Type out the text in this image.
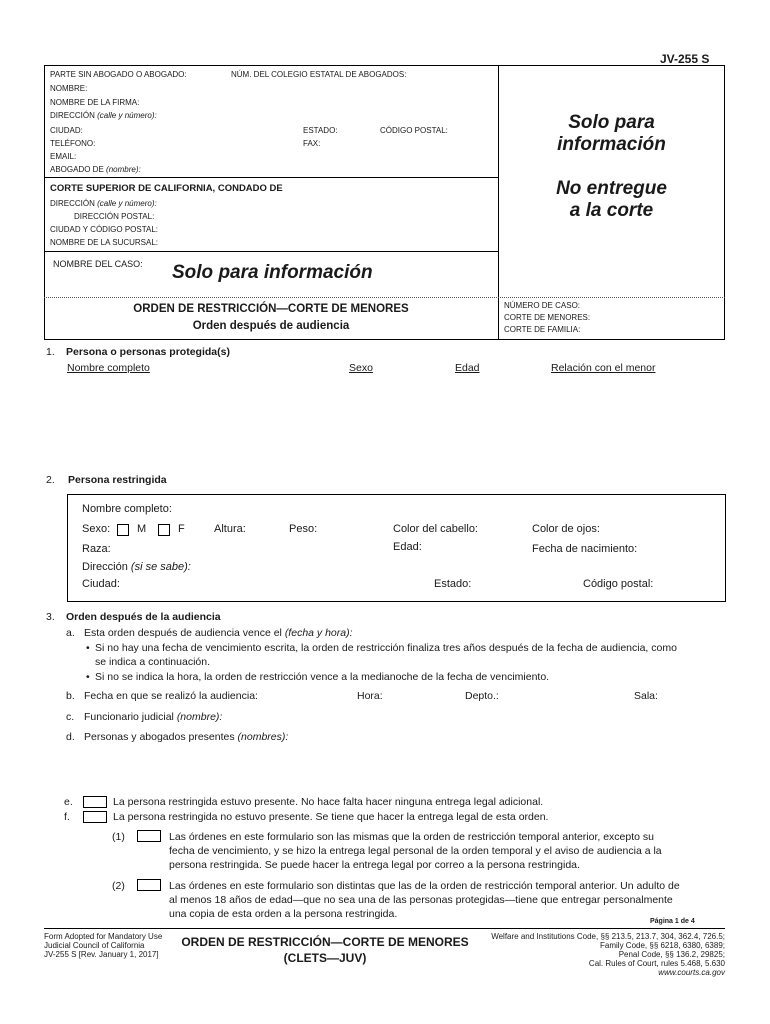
JV-255 S
PARTE SIN ABOGADO O ABOGADO:	NÚM. DEL COLEGIO ESTATAL DE ABOGADOS:
NOMBRE:
NOMBRE DE LA FIRMA:
DIRECCIÓN (calle y número):
CIUDAD:	ESTADO:	CÓDIGO POSTAL:
TELÉFONO:	FAX:
EMAIL:
ABOGADO DE (nombre):
Solo para
información
No entregue
a la corte
CORTE SUPERIOR DE CALIFORNIA, CONDADO DE
DIRECCIÓN (calle y número):
DIRECCIÓN POSTAL:
CIUDAD Y CÓDIGO POSTAL:
NOMBRE DE LA SUCURSAL:
NOMBRE DEL CASO: Solo para información
ORDEN DE RESTRICCIÓN—CORTE DE MENORES
Orden después de audiencia
NÚMERO DE CASO:
CORTE DE MENORES:
CORTE DE FAMILIA:
1. Persona o personas protegida(s)
Nombre completo	Sexo	Edad	Relación con el menor
2. Persona restringida
Nombre completo:
Sexo: M	F	Altura:	Peso:	Color del cabello:	Color de ojos:
Raza:	Edad:	Fecha de nacimiento:
Dirección (si se sabe):
Ciudad:	Estado:	Código postal:
3. Orden después de la audiencia
a. Esta orden después de audiencia vence el (fecha y hora):
• Si no hay una fecha de vencimiento escrita, la orden de restricción finaliza tres años después de la fecha de audiencia, como
se indica a continuación.
• Si no se indica la hora, la orden de restricción vence a la medianoche de la fecha de vencimiento.
b. Fecha en que se realizó la audiencia:	Hora:	Depto.:	Sala:
c. Funcionario judicial (nombre):
d. Personas y abogados presentes (nombres):
e.	La persona restringida estuvo presente. No hace falta hacer ninguna entrega legal adicional.
f.	La persona restringida no estuvo presente. Se tiene que hacer la entrega legal de esta orden.
(1)	Las órdenes en este formulario son las mismas que la orden de restricción temporal anterior, excepto su
fecha de vencimiento, y se hizo la entrega legal personal de la orden temporal y el aviso de audiencia a la
persona restringida. Se puede hacer la entrega legal por correo a la persona restringida.
(2)	Las órdenes en este formulario son distintas que las de la orden de restricción temporal anterior. Un adulto de
al menos 18 años de edad—que no sea una de las personas protegidas—tiene que entregar personalmente
una copia de esta orden a la persona restringida.
Página 1 de 4
Form Adopted for Mandatory Use
Judicial Council of California
JV-255 S [Rev. January 1, 2017]
ORDEN DE RESTRICCIÓN—CORTE DE MENORES
(CLETS—JUV)
Welfare and Institutions Code, §§ 213.5, 213.7, 304, 362.4, 726.5;
Family Code, §§ 6218, 6380, 6389;
Penal Code, §§ 136.2, 29825;
Cal. Rules of Court, rules 5.468, 5.630
www.courts.ca.gov
